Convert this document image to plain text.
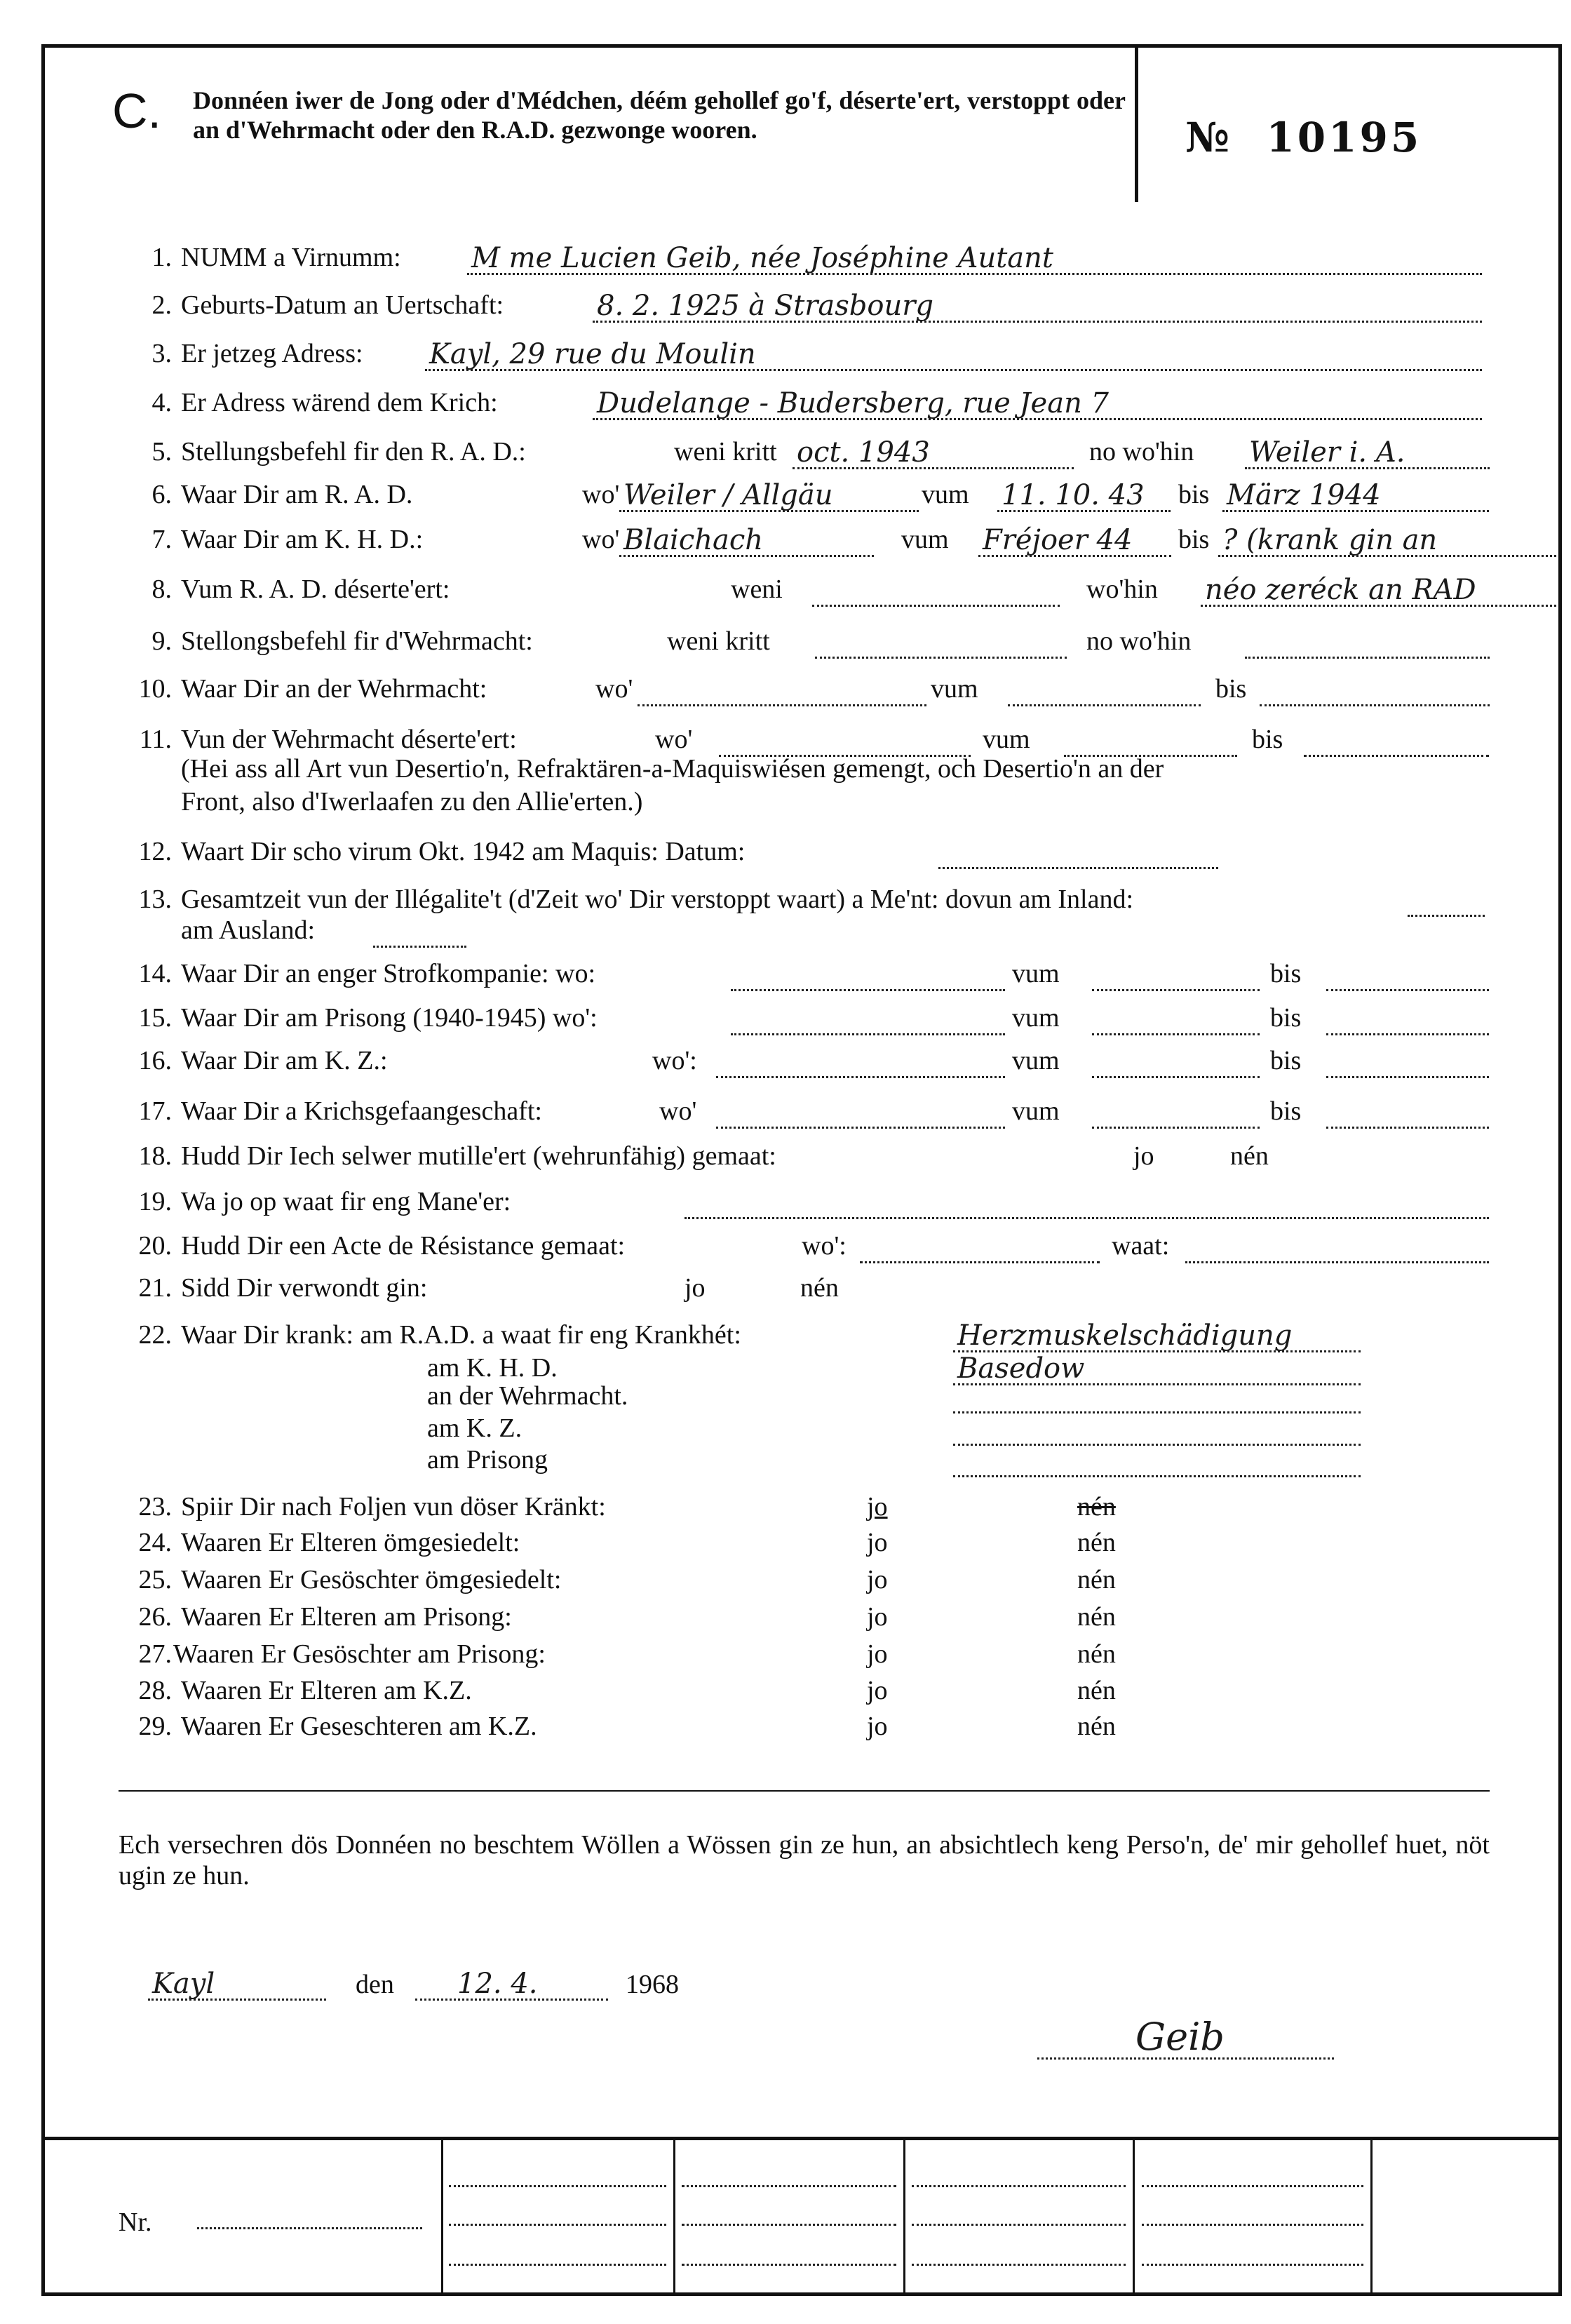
C. Donnéen iwer de Jong oder d'Médchen, déém gehollef go'f, déserte'ert, verstoppt oder an d'Wehrmacht oder den R.A.D. gezwonge wooren.	№ 10195
1. NUMM a Virnumm:	M me Lucien Geib, née Joséphine Autant
2. Geburts-Datum an Uertschaft:	8. 2. 1925 à Strasbourg
3. Er jetzeg Adress: Kayl, 29 rue du Moulin
4. Er Adress wärend dem Krich:	Dudelange - Budersberg, rue Jean 7
5. Stellungsbefehl fir den R. A. D.:	weni kritt oct. 1943	no wo'hin Weiler i. A.
6. Waar Dir am R. A. D.	wo' Weiler / Allgäu	vum 11. 10. 43 bis März 1944
7. Waar Dir am K. H. D.:	wo' Blaichach	vum Fréjoer 44 bis ? (krank gin an
8. Vum R. A. D. déserte'ert:	weni	wo'hin néo zeréck an RAD
9. Stellongsbefehl fir d'Wehrmacht:	weni kritt	no wo'hin
10. Waar Dir an der Wehrmacht:	wo'	vum	bis
11. Vun der Wehrmacht déserte'ert:	wo'	vum	bis
(Hei ass all Art vun Desertio'n, Refraktären-a-Maquiswiésen gemengt, och Desertio'n an der
Front, also d'Iwerlaafen zu den Allie'erten.)
12. Waart Dir scho virum Okt. 1942 am Maquis: Datum:
13. Gesamtzeit vun der Illégalite't (d'Zeit wo' Dir verstoppt waart) a Me'nt: dovun am Inland:
am Ausland:
14. Waar Dir an enger Strofkompanie: wo:	vum	bis
15. Waar Dir am Prisong (1940-1945) wo':	vum	bis
16. Waar Dir am K. Z.:	wo':	vum	bis
17. Waar Dir a Krichsgefaangeschaft:	wo'	vum	bis
18. Hudd Dir Iech selwer mutille'ert (wehrunfähig) gemaat:	jo	nén
19. Wa jo op waat fir eng Mane'er:
20. Hudd Dir een Acte de Résistance gemaat:	wo':	waat:
21. Sidd Dir verwondt gin:	jo	nén
22. Waar Dir krank: am R.A.D. a waat fir eng Krankhét:	Herzmuskelschädigung
am K. H. D.	Basedow
an der Wehrmacht.
am K. Z.
am Prisong
23. Spiir Dir nach Foljen vun döser Kränkt:	jo	nén
24. Waaren Er Elteren ömgesiedelt:	jo	nén
25. Waaren Er Gesöschter ömgesiedelt:	jo	nén
26. Waaren Er Elteren am Prisong:	jo	nén
27. Waaren Er Gesöschter am Prisong:	jo	nén
28. Waaren Er Elteren am K.Z.	jo	nén
29. Waaren Er Geseschteren am K.Z.	jo	nén
Ech versechren dös Donnéen no beschtem Wöllen a Wössen gin ze hun, an absichtlech keng Perso'n, de' mir gehollef huet, nöt ugin ze hun.
Kayl	den 12. 4.	1968
Geib
Nr.
